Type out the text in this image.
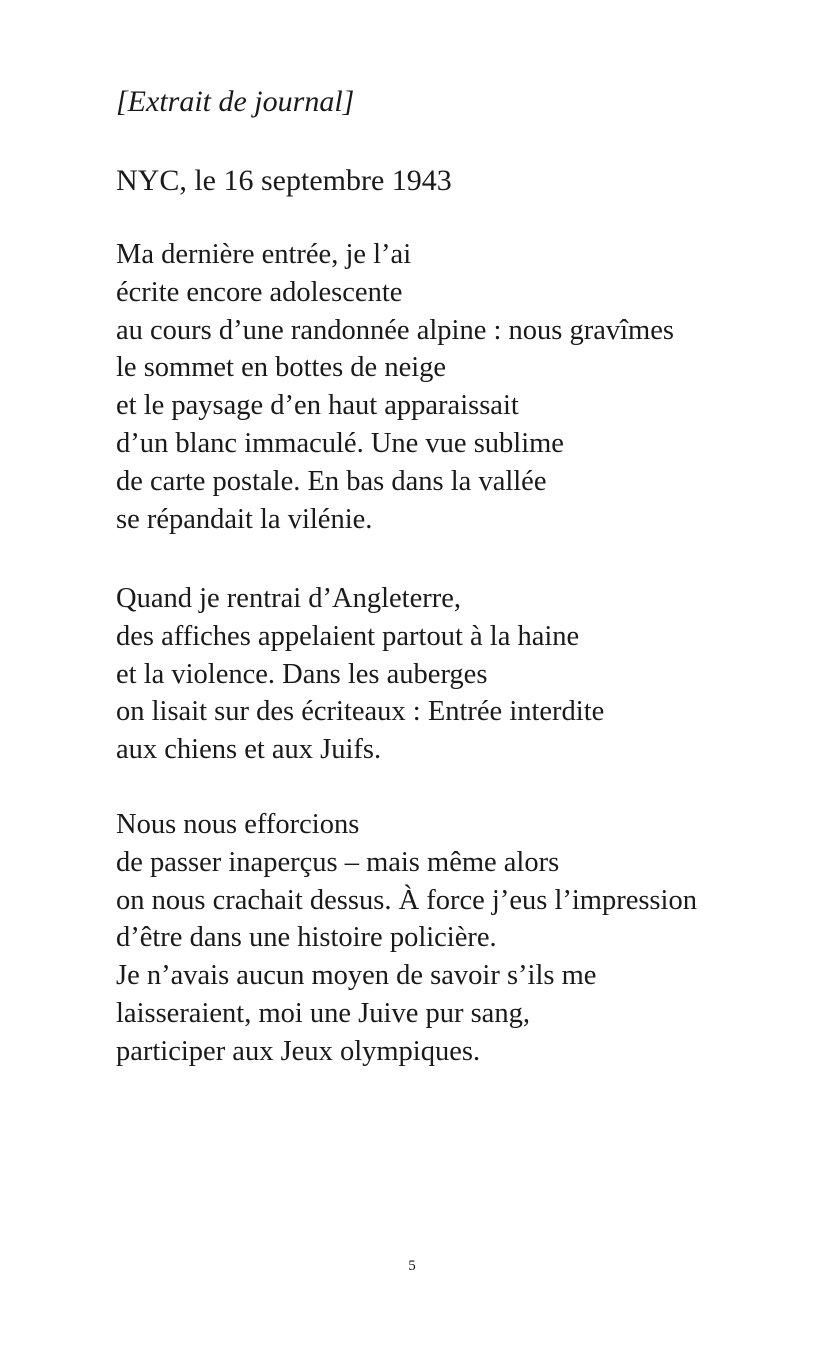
[Extrait de journal]
NYC, le 16 septembre 1943
Ma dernière entrée, je l’ai
écrite encore adolescente
au cours d’une randonnée alpine : nous gravîmes
le sommet en bottes de neige
et le paysage d’en haut apparaissait
d’un blanc immaculé. Une vue sublime
de carte postale. En bas dans la vallée
se répandait la vilénie.
Quand je rentrai d’Angleterre,
des affiches appelaient partout à la haine
et la violence. Dans les auberges
on lisait sur des écriteaux : Entrée interdite
aux chiens et aux Juifs.
Nous nous efforcions
de passer inaperçus – mais même alors
on nous crachait dessus. À force j’eus l’impression
d’être dans une histoire policière.
Je n’avais aucun moyen de savoir s’ils me
laisseraient, moi une Juive pur sang,
participer aux Jeux olympiques.
5
